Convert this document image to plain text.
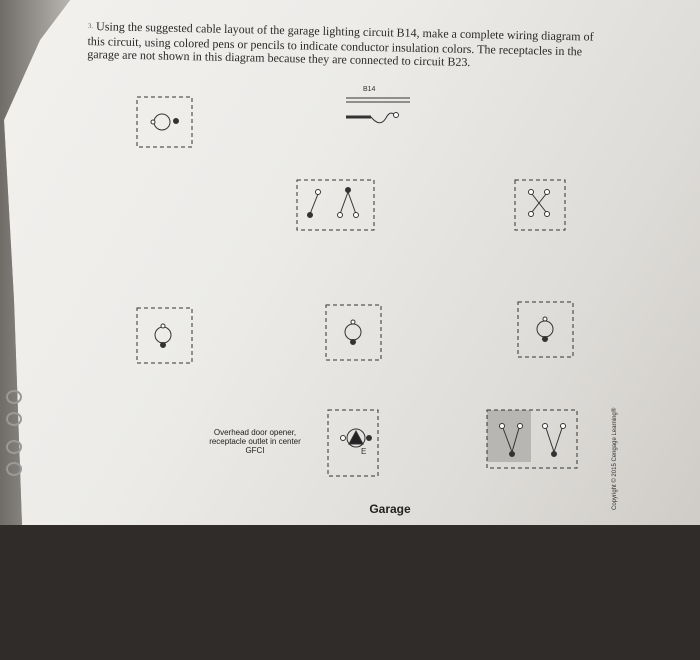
3. Using the suggested cable layout of the garage lighting circuit B14, make a complete wiring diagram of this circuit, using colored pens or pencils to indicate conductor insulation colors. The receptacles in the garage are not shown in this diagram because they are connected to circuit B23.
B14
E
Overhead door opener, receptacle outlet in center GFCI
Garage	Copyright © 2015 Cengage Learning®
